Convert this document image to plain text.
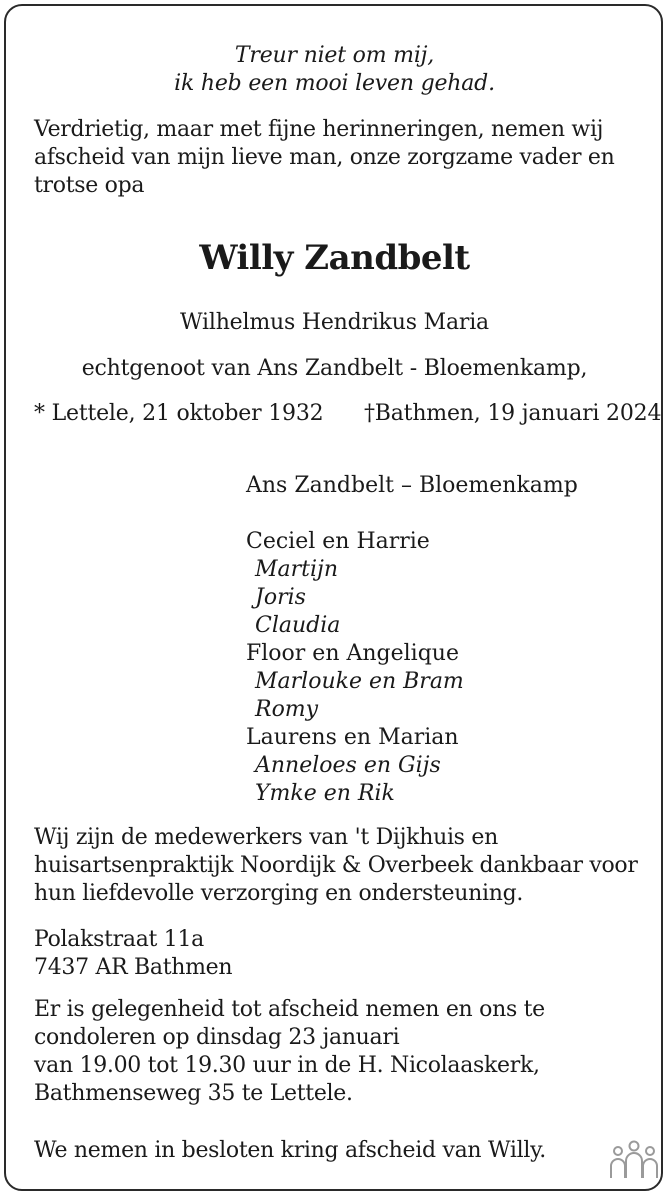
Treur niet om mij,
ik heb een mooi leven gehad.
Verdrietig, maar met fijne herinneringen, nemen wij
afscheid van mijn lieve man, onze zorgzame vader en
trotse opa
Willy Zandbelt
Wilhelmus Hendrikus Maria
echtgenoot van Ans Zandbelt - Bloemenkamp,
* Lettele, 21 oktober 1932 †Bathmen, 19 januari 2024
Ans Zandbelt – Bloemenkamp
Ceciel en Harrie
Martijn
Joris
Claudia
Floor en Angelique
Marlouke en Bram
Romy
Laurens en Marian
Anneloes en Gijs
Ymke en Rik
Wij zijn de medewerkers van 't Dijkhuis en
huisartsenpraktijk Noordijk & Overbeek dankbaar voor
hun liefdevolle verzorging en ondersteuning.
Polakstraat 11a
7437 AR Bathmen
Er is gelegenheid tot afscheid nemen en ons te
condoleren op dinsdag 23 januari
van 19.00 tot 19.30 uur in de H. Nicolaaskerk,
Bathmenseweg 35 te Lettele.
We nemen in besloten kring afscheid van Willy.
